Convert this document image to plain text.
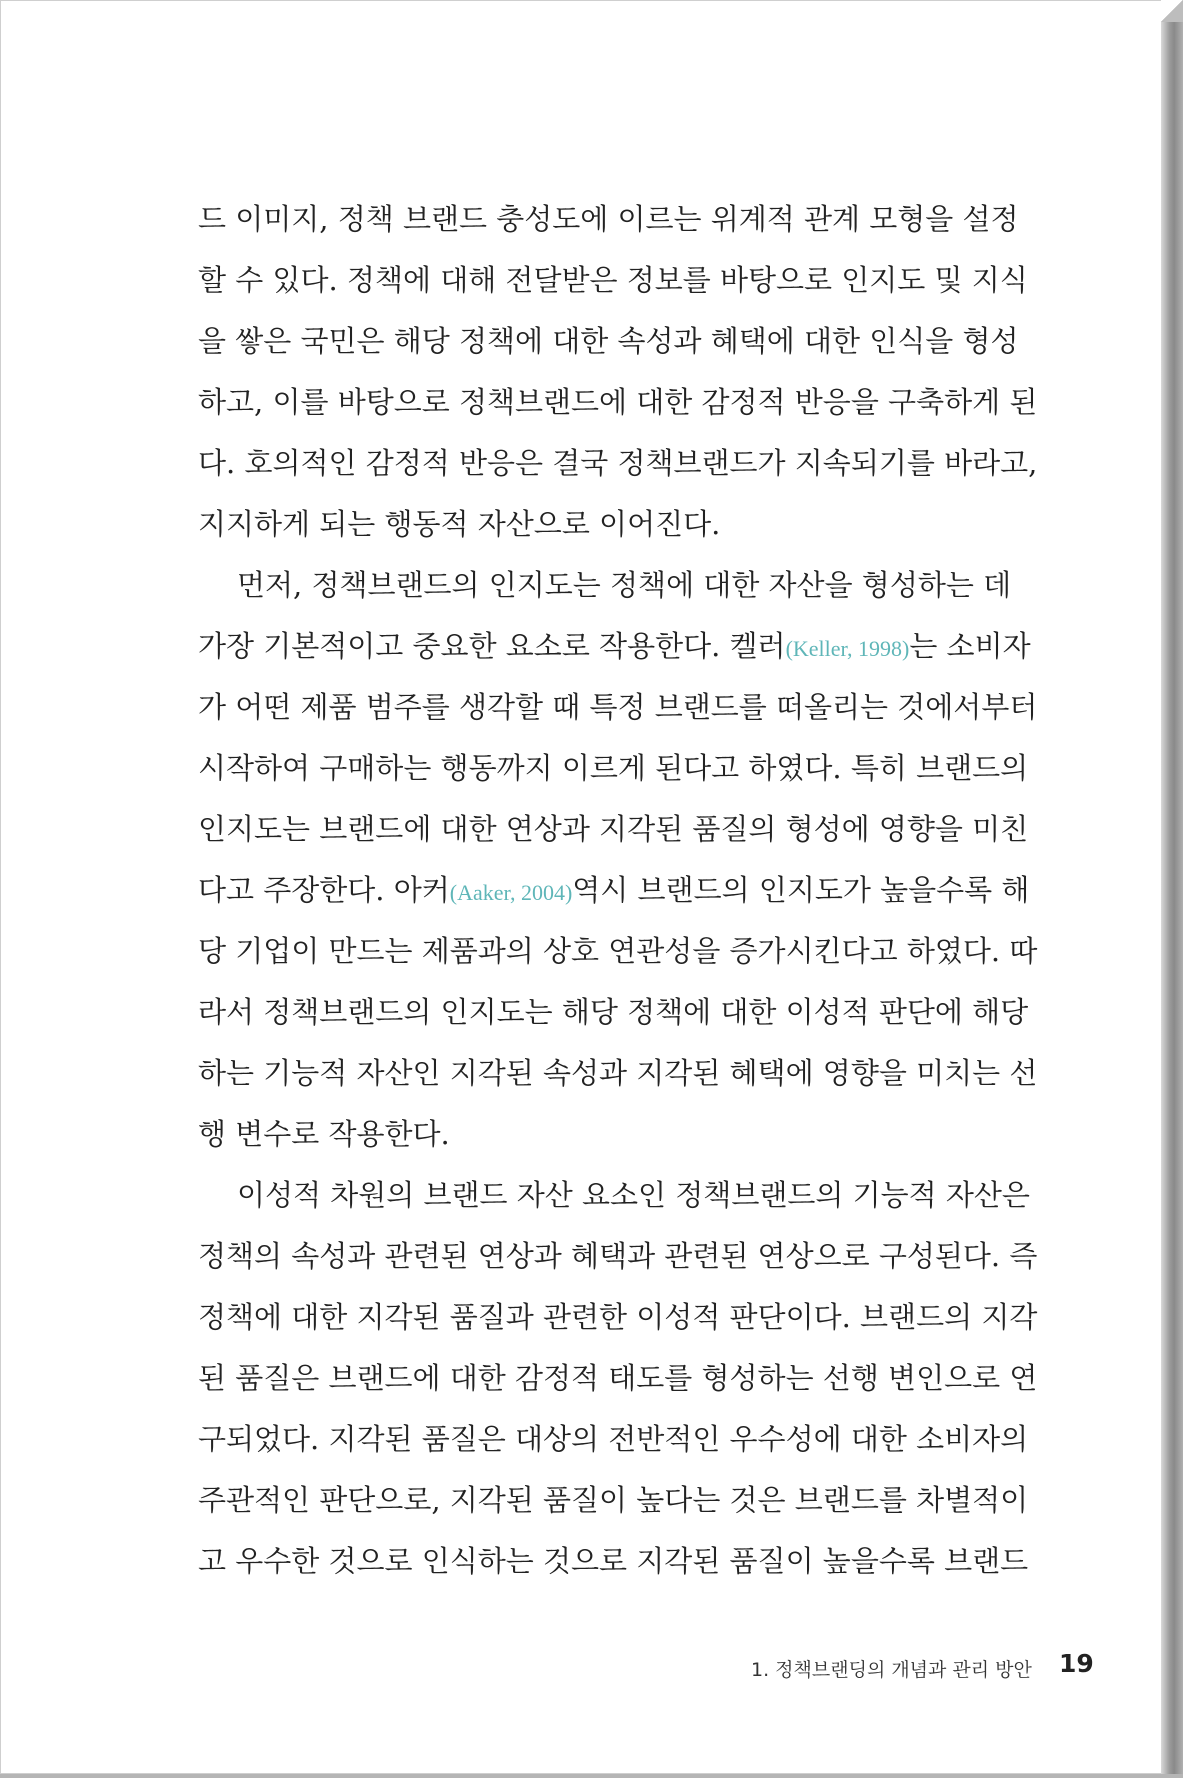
드 이미지, 정책 브랜드 충성도에 이르는 위계적 관계 모형을 설정
할 수 있다. 정책에 대해 전달받은 정보를 바탕으로 인지도 및 지식
을 쌓은 국민은 해당 정책에 대한 속성과 혜택에 대한 인식을 형성
하고, 이를 바탕으로 정책브랜드에 대한 감정적 반응을 구축하게 된
다. 호의적인 감정적 반응은 결국 정책브랜드가 지속되기를 바라고,
지지하게 되는 행동적 자산으로 이어진다.

먼저, 정책브랜드의 인지도는 정책에 대한 자산을 형성하는 데
가장 기본적이고 중요한 요소로 작용한다. 켈러(Keller, 1998)는 소비자
가 어떤 제품 범주를 생각할 때 특정 브랜드를 떠올리는 것에서부터
시작하여 구매하는 행동까지 이르게 된다고 하였다. 특히 브랜드의
인지도는 브랜드에 대한 연상과 지각된 품질의 형성에 영향을 미친
다고 주장한다. 아커(Aaker, 2004)역시 브랜드의 인지도가 높을수록 해
당 기업이 만드는 제품과의 상호 연관성을 증가시킨다고 하였다. 따
라서 정책브랜드의 인지도는 해당 정책에 대한 이성적 판단에 해당
하는 기능적 자산인 지각된 속성과 지각된 혜택에 영향을 미치는 선
행 변수로 작용한다.

이성적 차원의 브랜드 자산 요소인 정책브랜드의 기능적 자산은
정책의 속성과 관련된 연상과 혜택과 관련된 연상으로 구성된다. 즉
정책에 대한 지각된 품질과 관련한 이성적 판단이다. 브랜드의 지각
된 품질은 브랜드에 대한 감정적 태도를 형성하는 선행 변인으로 연
구되었다. 지각된 품질은 대상의 전반적인 우수성에 대한 소비자의
주관적인 판단으로, 지각된 품질이 높다는 것은 브랜드를 차별적이
고 우수한 것으로 인식하는 것으로 지각된 품질이 높을수록 브랜드

1. 정책브랜딩의 개념과 관리 방안 19
